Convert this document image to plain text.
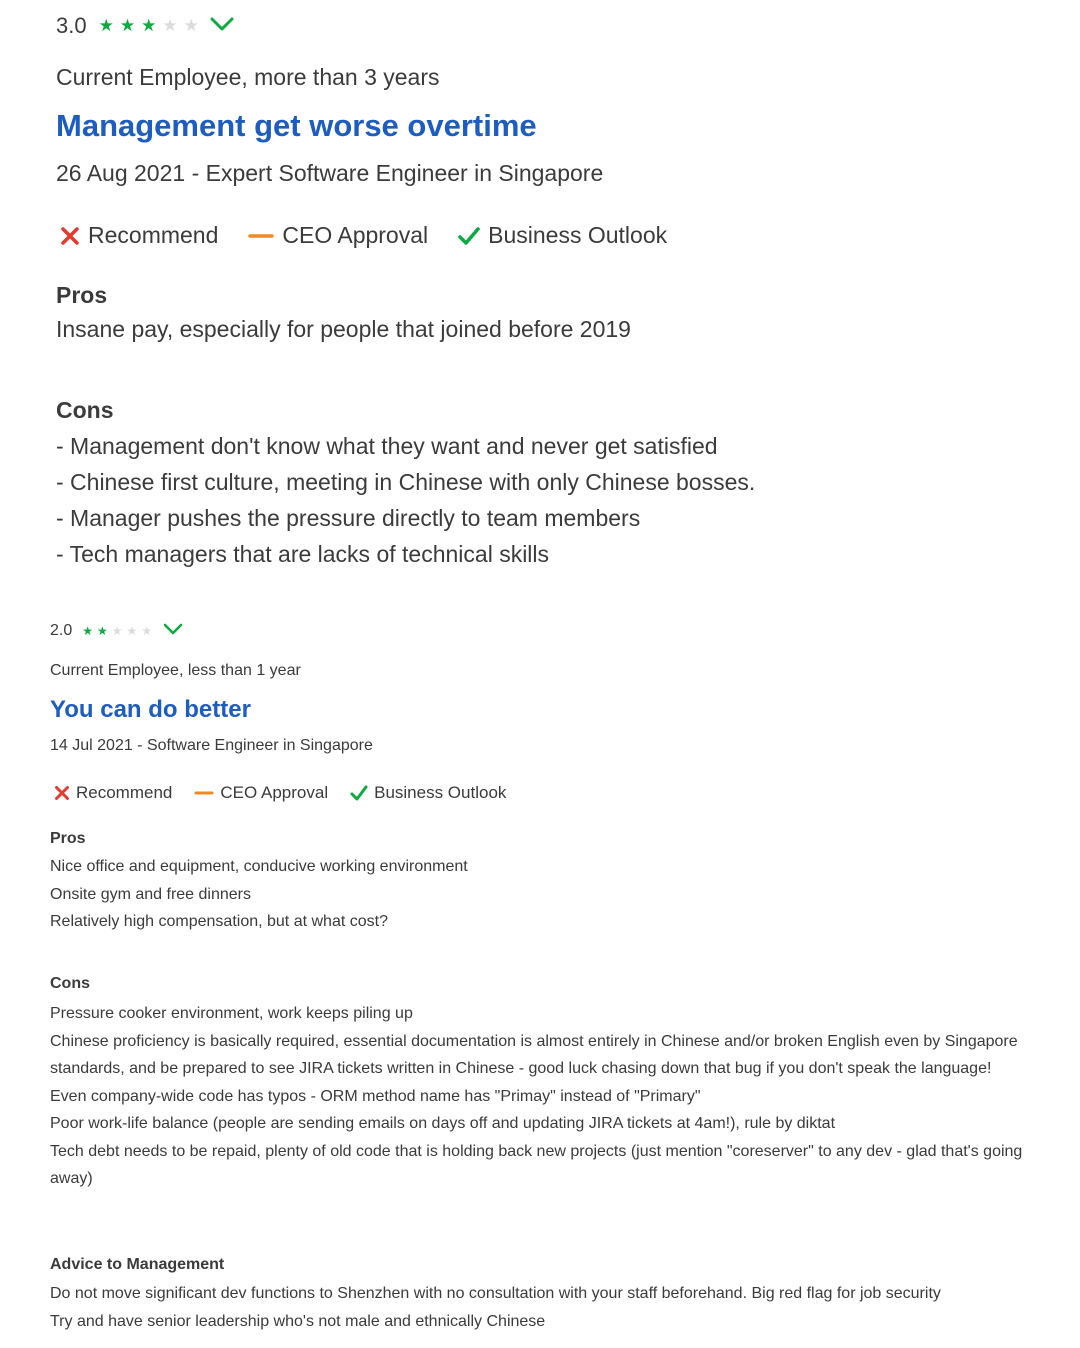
3.0 ★ ★ ★ ★ ★
Current Employee, more than 3 years
Management get worse overtime
26 Aug 2021 - Expert Software Engineer in Singapore
Recommend	CEO Approval	Business Outlook
Pros
Insane pay, especially for people that joined before 2019
Cons
- Management don't know what they want and never get satisfied
- Chinese first culture, meeting in Chinese with only Chinese bosses.
- Manager pushes the pressure directly to team members
- Tech managers that are lacks of technical skills
2.0 ★ ★ ★ ★ ★
Current Employee, less than 1 year
You can do better
14 Jul 2021 - Software Engineer in Singapore
Recommend	CEO Approval	Business Outlook
Pros
Nice office and equipment, conducive working environment
Onsite gym and free dinners
Relatively high compensation, but at what cost?
Cons
Pressure cooker environment, work keeps piling up
Chinese proficiency is basically required, essential documentation is almost entirely in Chinese and/or broken English even by Singapore standards, and be prepared to see JIRA tickets written in Chinese - good luck chasing down that bug if you don't speak the language!
Even company-wide code has typos - ORM method name has "Primay" instead of "Primary"
Poor work-life balance (people are sending emails on days off and updating JIRA tickets at 4am!), rule by diktat
Tech debt needs to be repaid, plenty of old code that is holding back new projects (just mention "coreserver" to any dev - glad that's going away)
Advice to Management
Do not move significant dev functions to Shenzhen with no consultation with your staff beforehand. Big red flag for job security
Try and have senior leadership who's not male and ethnically Chinese
